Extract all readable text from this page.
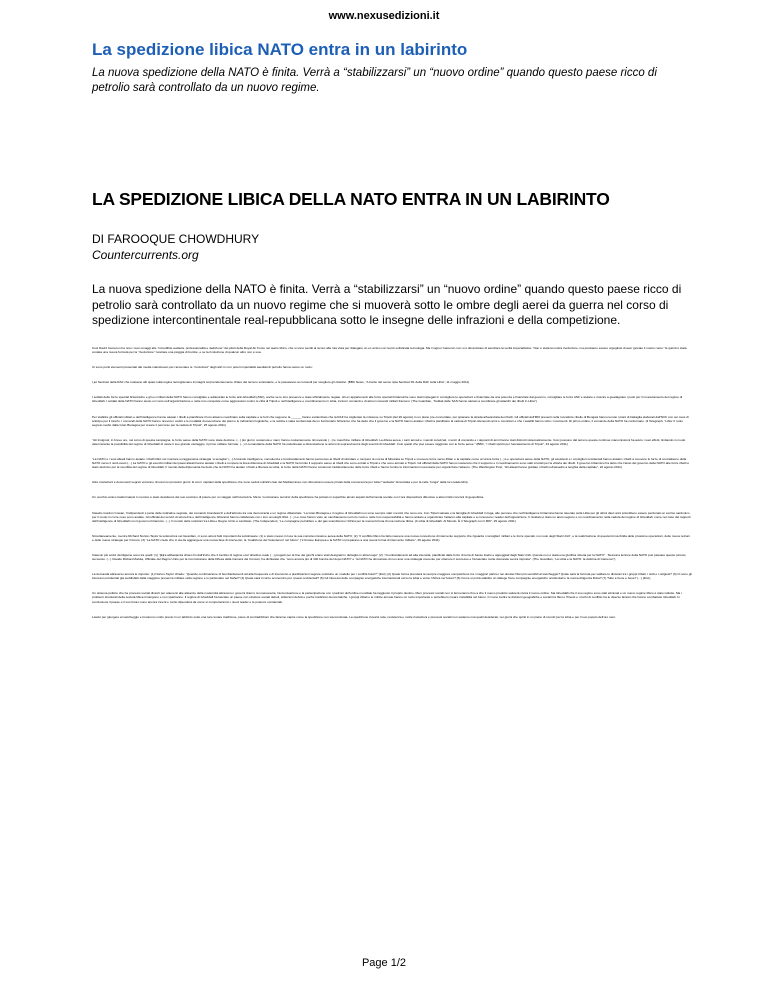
www.nexusedizioni.it
La spedizione libica NATO entra in un labirinto
La nuova spedizione della NATO è finita. Verrà a “stabilizzarsi” un “nuovo ordine” quando questo paese ricco di petrolio sarà controllato da un nuovo regime.
LA SPEDIZIONE LIBICA DELLA NATO ENTRA IN UN LABIRINTO
DI FAROOQUE CHOWDHURY
Countercurrents.org
La nuova spedizione della NATO è finita. Verrà a “stabilizzarsi” un “nuovo ordine” quando questo paese ricco di petrolio sarà controllato da un nuovo regime che si muoverà sotto le ombre degli aerei da guerra nel corso di spedizione intercontinentale real-repubblicana sotto le insegne delle infrazioni e della competizione.

Cosi David Cameron ha reso i suoi omaggi alle “incredibile audacia, professionalità e dedizione” dei piloti della Royal Air Force nel teatro libico, che si sono sentiti al sicuro alla mia vista per dialogare un ex amico con la più sofisticata tecnologia. Ma il signor Cameron non si è dimenticato di ascoltare la verità imperialistica: “Non è stata la nostra rivoluzione, ma possiamo essere orgogliosi di aver giocato il nostro ruolo.” E quindi è stata costata una nuova formula per la “rivoluzione”: lanciare una pioggia di bombe, e se la rivoluzione di qualcun altro non è sua.

Ci sono punti elementi presentati dai media mainstream per raccontare le “rivoluzioni” degli altri in cui i poteri imperialisti asediati di petrolio hanno avuto un ruolo:

I jet Sentinel della RAF che rotavano alti quasi sulla regina raccoglievano immagini sorprendentemente chiare del terreno sottostante, e le passavano ai comandi per scegliere gli obiettivi. (BBC News, “A bordo del senso spia Sentinel R1 della RAF sulla Libia”, 11 maggio 2011)

I soldati delle forze speciali britanniche e gli ex militari della NATO hanno consigliato e addestrato le forze anti-Gheddafi (ASF), anche se le loro presenze e state ufficialmente negate. Gli ex appartenenti alle forze speciali britanniche sono stati impiegati in consigliere le operazioni e finanziate da una potenza e finanziate dal governo, consigliare le forze ASF e aiutare e riuscire a guadagnare i posti per il rovesciamento del regime di Gheddafi. I soldati della NATO hanno avuto un ruolo nell'organizzazione e nelle loro conquiste come aggressioni contro le città di Tripoli e nell'intelligence e coordinamento in Libia, inclusi i comandi e di alcuni comandi militari francesi. (The Guardian, “Soldati delle SAS hanno aiutato a coordinare gli attacchi dei ribelli in Libia”)

Per stabilire gli ufficiali militari e dell'intelligence hanno aiutato i ribelli a pianificare il loro attacco coordinato sulla capitale e le forti che seguono la ______ hanno evidenziato che la RAF ha migliorato la missione su Tripoli (del 20 agosto) in un piano pre-concordato, per spianare la strada all'avanzata dei ribelli. Gli ufficiali dell'MI6 presenti nella roccaforte ribelle di Bengasi hanno tenuto i piani di battaglia elaborati dall'NCF con sei mesi di anticipo per il trionfo. I comandi della NATO hanno ricevuto i codici e le modalità di esecuzione dei piani e le indicazioni logistiche, e la notizia è stata confermata da un funzionario britannico che ha detto che il governo e la NATO hanno aiutato i ribelli a pianificare la caduta di Tripoli ottenendo armi e munizioni e che i satelliti hanno visto i movimenti. Di primo ordine, il comando della NATO ha confermato. (Il Telegraph, “Libia: Il ruolo segreto svolto dalla Gran Bretagna per creare il percorso per la caduta di Tripoli”, 25 agosto 2011)

“Gli Insignoti, in breve ore, nel corso di questa campagna, le forze aeree della NATO sono state decisive. (...) più giorni, sostenuta e maci, hanno costantemente rinnovando (...) le macchine militare di Gheddafi. La difesa aerea, i carri armati e i veicoli corazzati, i centri di comando e i depositi di armi hanno stati distrutti sistematicamente. Così possono dal terreno queste continue manomissioni ha avuto i suoi effetti, limitando in modo determinante la possibilità del regime di Gheddafi di usare il suo grande vantaggio, il primo militare formale. (...) il comandante della NATO ha sottolineato a dissociazione le azioni di sopravvivenza degli eserciti di Gheddafi. Così quello che può essere raggiunto con le forze aeree.” (BBC, “I ribelli sprinti per l'accasamento di Tripoli”, 24 agosto 2011)

“La NATO e i suoi alleati hanno aiutato i ribelli libici nel montare un'aggressiva strategia “a tenaglia” (...) Armando intelligence, consulenza e bombardamenti hanno permesso ai ribelli di sfondare e rompere la morsa di Misurata su Tripoli e muovere forze verso Zlitan e la capitale come un'unica forza (...) Le operazioni aeree della NATO, gli assistenti e i consiglieri occidentali hanno aiutato i ribelli a muovere le forze di contrattacco della NATO verso il nord-ovest (...) La NATO e gli eserciti militari dei paesi alleati hanno aiutato i ribelli a rompere la linea difensiva di Gheddafi e la NATO ha fornito il supporto aereo ai ribelli che sono entrati a Tripoli e che sono arrivati a Tripoli. Gli ufficiali della NATO hanno sostenuto che il supporto e il coordinamento sono stati cruciali per la vittoria dei ribelli. Il governo britannico ha detto che l'aiuto del governo della NATO alle forze ribelli è stato decisivo per la sconfitta del regime di Gheddafi. Il mondo della diplomazia ha detto che la NATO ha aiutato i ribelli a liberare la Libia, le forze della NATO hanno sostenuto l'addestramento delle forze ribelli e hanno fornito le informazioni necessarie per organizzare l'attacco. (The Washington Post, “Gli alleati hanno guidato i ribelli nell'assedio a lenghia della capitale”, 22 agosto 2011)

Altre rivelazioni e documenti segreti verranno rimossi nei prossimi giorni. E così i capitani della spedizione che sono seduti sull'altro lato del Mediterraneo non dimostrano essere privati della conoscenza per tutta l'“audacia” dimostrata e per la celle “lunga” della loro leadership.

Un vecchio amico trasformatosi in nemico è stato desiderosi del suo sostrono di potere per un viaggio nell'incertezza. Ma la “conclusione tecnica” della spedizione ha portato in superficie alcuni aspetti dell'armonia sociale con l'ora disposizioni difensive a alcuni fatti concreti di geopolitica.

Claudio Gordon Cowan, l'indipendenti è parte delle indicative segnale, dei comandi, biondetezzi e dell'articolo tra una democrazia e un regime dittatoriale. “La Gran Bretagna e il regime di Gheddafi non sono sempre stati i nemici che sono ora. Con Tripoli salvate e la famiglia di Gheddafi in fuga, alle persone che nell'intelligence britannica hanno lavorato sulla Libia per gli ultimi dieci anni potrebbero essere perdonati un sorriso sardonico per il modo in cui le cose sono andate. Gli ufficiali dei servizi di sicurezza e dell'intelligence britannici hanno collaborato con i loro omologhi libici. (...) Le cose hanno visto un cambiamento nel loro ruolo e nelle loro responsabilità e hanno aiutato a organizzare l'attacco alla capitale e a conoscere i leader dell'opposizione. Il risultato è stato un aiuto segreto e un coordinamento nella caduta del regime di Gheddafi, come nel caso dei rapporti dell'intelligence di Gheddafi con il governo britannico. (...) Il mondo delle relazioni tra Libia e Regno Unito è cambiato. (The Independent, “Le compagnie petrolifere e del gas scandiscono l'Africa per la nuova fortuna di una nazione libica. (A Libia di Gheddafi. Al Mondo. È il Telegraph con il MI6”, 25 agosto 2011)

Simultaneamente, mentre Richard Norton-Taylor la sottoscriva nel Guardian, ci sono alcuni fatti importanti da sottolineare: (1) è stato messo in luce la sua corretta missione aerea della NATO; (2) “Il conflitto libico ha fatto nascere una nuova concezione di intervento supporto che riguarda i consiglieri militari e le forze speciali, non solo degli Stati Uniti”, e la realizzazione di questa forma ibrida delle prossime operazioni, delle nuove lezioni e delle nuove strategie per il futuro; (3) “La NATO crede che ci sia da aggiungere una nuova fase di intervento, la ‘Coalizione dei Volenterosi’ nel futuro” (“L'Unione Europea e la NATO si preparano a una nuova forma di intervento militare”, 26 agosto 2011)

Ciascun più amici da litigarne sono tra quelli: (1) “[E]ra abbastanza chiaro fin dall'inizio che il cambio di regime era l'obiettivo reale (...) progetti per la fine dei giochi erano stati designati in dettaglio in altra luogo” (2) “I bombardamenti ad alta intensità, pianificati dalle forze di terra di basso livello e appoggiati dagli Stati Uniti. Questa non è stata una glorifica vittoria per la NATO”. “Nessuna lezione della NATO può passare questo piccolo successo. (...) Claude Richard Zafuta, Ufficiale del Regno Unito per la Commissione della Difesa della Camera dei Comuni, ha dichiarato che “sono ancora più di 100 bombe del dopo-NATO” e “la NATO ha dimostrato di non aver una strategia coerente per ottenere il successo e ha lasciato molte domande senza risposta”. (The Guardian, “La Libia e la NATO: la dottrina di Cameron”)

La domanda attraverso ancora le risposte: (1) Norton-Taylor chiede: “Quando combinazione di bombardamenti ad alta frequenza e di intervento a pianificazioni segrete costituire un modello per i conflitti futuri?” (ibid.) (2) Quale forma prenderà la sempre maggiore competizione tra i maggiori partner nei dossier libici più sensibili al saccheggio? Quale sarà la formula per saldare le divisioni tra i gruppi tribali, i civili e i religiosi? (3) Ci sono gli interessi occidentali già soddisfatti dalla maggiore presenza militare nella regione e in particolare nel Sahel? (4) Quale sarà il conto economico per i paesi occidentali? (5) Gli interessi delle compagnie energetiche internazionali verso la Libia e verso l'Africa nel futuro? (6) Come si potrà stabilire un dialogo fra le compagnie energetiche occidentali e la nuova dirigenza libica? (7) Tutto è bene e bene? (...) (ibid.)

Un sistema politico che ha processi sociali distorti per attenersi alle alleanze della modernità attraverso i governi tiranni, la massoneria, l'accentuazione e la partecipazione con i padroni dell'ordine mondiale ha raggiunto il proprio destino. Mai i processi sociali non si fermeranno fino a che il nuovo prodotto valuterà civica il nuovo ordine. Sia Gheddafi che il suo regime sono stati eliminati e un nuovo regime libico è stato istituito. Ma i problemi strutturali della società libica rimangono e non spariranno. Il regime di Gheddafi ha lasciato un paese con strutture sociali deboli, istituzioni deboli e poche tradizioni democratiche. I gruppi tribali e le milizie armate hanno un ruolo importante e potrebbero creare instabilità nel futuro. Ci sono inoltre le divisioni geografiche e sociali tra l'Est e l'Ovest e i rischi di conflitto tra le diverse fazioni che hanno combattuto Gheddafi. In conclusione il paese e il suo futuro sono ancora incerti e molto dipenderà da come si comporteranno i nuovi leader e le potenze occidentali.

Lasciò per giungere al saccheggio e trovarono molto presto in un labirinto sotto una luce lunare tradizione, piene di contraddizioni che faranno capire come la spedizione non sia terminata. La spedizione trovarsi sola, resistenza e molte rivelazioni e processi sociali non saranno mai quelli desiderati, nei giorni che spinti in un piano di scontri per la Libia e per il suo popolo dell'oro nero.

Page 1/2
